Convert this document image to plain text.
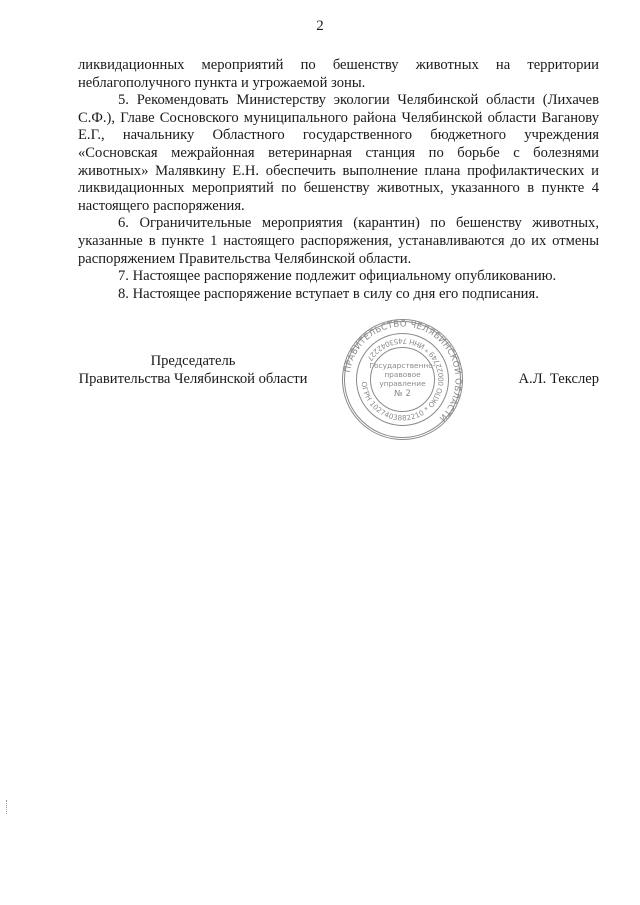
2

ликвидационных мероприятий по бешенству животных на территории неблагополучного пункта и угрожаемой зоны.

5. Рекомендовать Министерству экологии Челябинской области (Лихачев С.Ф.), Главе Сосновского муниципального района Челябинской области Ваганову Е.Г., начальнику Областного государственного бюджетного учреждения «Сосновская межрайонная ветеринарная станция по борьбе с болезнями животных» Малявкину Е.Н. обеспечить выполнение плана профилактических и ликвидационных мероприятий по бешенству животных, указанного в пункте 4 настоящего распоряжения.

6. Ограничительные мероприятия (карантин) по бешенству животных, указанные в пункте 1 настоящего распоряжения, устанавливаются до их отмены распоряжением Правительства Челябинской области.

7. Настоящее распоряжение подлежит официальному опубликованию.

8. Настоящее распоряжение вступает в силу со дня его подписания.

Председатель
Правительства Челябинской области
ПРАВИТЕЛЬСТВО ЧЕЛЯБИНСКОЙ ОБЛАСТИ
ОГРН 1027403882210 * ОКПО 00022749 * ИНН 7453042227
Государственно-
правовое
управление
№ 2
А.Л. Текслер
